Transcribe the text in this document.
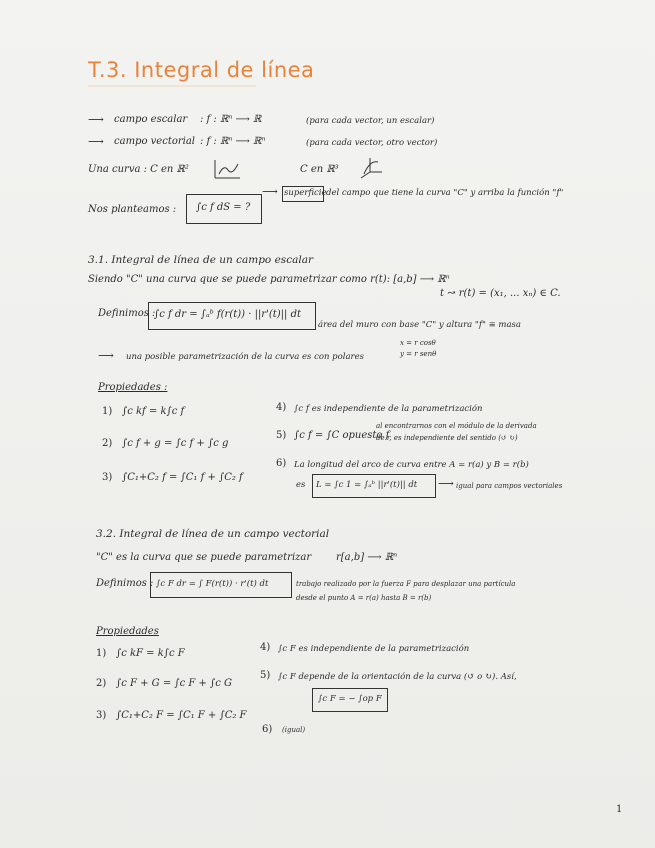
T.3. Integral de línea
⟶ campo escalar : f : ℝⁿ ⟶ ℝ	(para cada vector, un escalar)
⟶ campo vectorial : f : ℝⁿ ⟶ ℝⁿ	(para cada vector, otro vector)
Una curva : C en ℝ²	C en ℝ³
Nos planteamos : ∫c f dS = ?
⟶ superficie del campo que tiene la curva "C" y arriba la función "f"
3.1. Integral de línea de un campo escalar
Siendo "C" una curva que se puede parametrizar como r(t): [a,b] ⟶ ℝⁿ
t ↝ r(t) = (x₁, ... xₙ) ∈ C.
Definimos :
∫c f dr = ∫ₐᵇ f(r(t)) · ||r'(t)|| dt
área del muro con base "C" y altura "f" ≡ masa
⟶ una posible parametrización de la curva es con polares
x = r cosθ
y = r senθ
Propiedades :
1) ∫c kf = k∫c f
2) ∫c f + g = ∫c f + ∫c g
3) ∫C₁+C₂ f = ∫C₁ f + ∫C₂ f
4) ∫c f es independiente de la parametrización
5) ∫c f = ∫C opuesto f
al encontrarnos con el módulo de la derivada
de r, es independiente del sentido (↺ ↻)
6) La longitud del arco de curva entre A = r(a) y B = r(b)
es L = ∫c 1 = ∫ₐᵇ ||r'(t)|| dt ⟶ igual para campos vectoriales
3.2. Integral de línea de un campo vectorial
"C" es la curva que se puede parametrizar r[a,b] ⟶ ℝⁿ
Definimos : ∫c F dr = ∫ F(r(t)) · r'(t) dt	trabajo realizado por la fuerza F para desplazar una partícula
desde el punto A = r(a) hasta B = r(b)
Propiedades
1) ∫c kF = k∫c F
2) ∫c F + G = ∫c F + ∫c G
3) ∫C₁+C₂ F = ∫C₁ F + ∫C₂ F
4) ∫c F es independiente de la parametrización
5) ∫c F depende de la orientación de la curva (↺ o ↻). Así,
∫c F = − ∫op F
6) (igual)
1
